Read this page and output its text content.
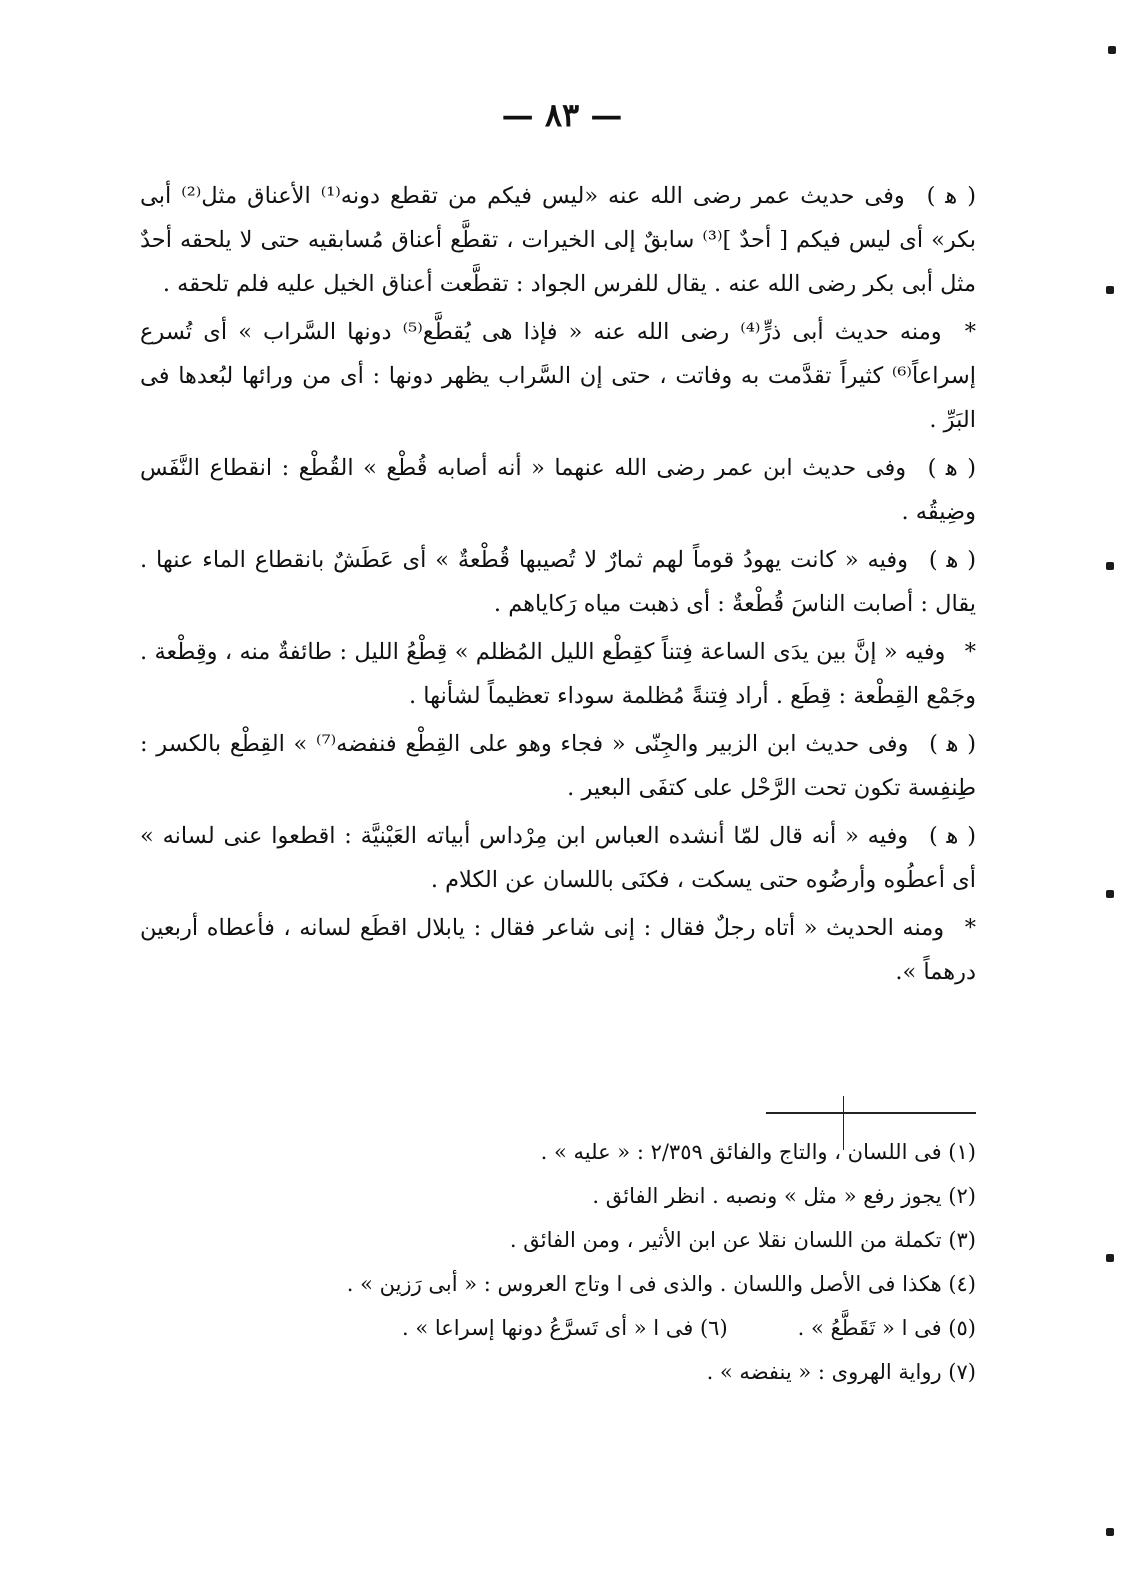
— ٨٣ —

( ﻫ ) وفى حديث عمر رضى الله عنه «ليس فيكم من تقطع دونه⁽¹⁾ الأعناق مثل⁽²⁾ أبى بكر» أى ليس فيكم [ أحدٌ ]⁽³⁾ سابقٌ إلى الخيرات ، تقطَّع أعناق مُسابقيه حتى لا يلحقه أحدٌ مثل أبى بكر رضى الله عنه . يقال للفرس الجواد : تقطَّعت أعناق الخيل عليه فلم تلحقه .

* ومنه حديث أبى ذرٍّ⁽⁴⁾ رضى الله عنه « فإذا هى يُقطَّع⁽⁵⁾ دونها السَّراب » أى تُسرع إسراعاً⁽⁶⁾ كثيراً تقدَّمت به وفاتت ، حتى إن السَّراب يظهر دونها : أى من ورائها لبُعدها فى البَرِّ .

( ﻫ ) وفى حديث ابن عمر رضى الله عنهما « أنه أصابه قُطْع » القُطْع : انقطاع النَّفَس وضِيقُه .

( ﻫ ) وفيه « كانت يهودُ قوماً لهم ثمارٌ لا تُصيبها قُطْعةٌ » أى عَطَشٌ بانقطاع الماء عنها . يقال : أصابت الناسَ قُطْعةٌ : أى ذهبت مياه رَكاياهم .

* وفيه « إنَّ بين يدَى الساعة فِتناً كقِطْع الليل المُظلم » قِطْعُ الليل : طائفةٌ منه ، وقِطْعة . وجَمْع القِطْعة : قِطَع . أراد فِتنةً مُظلمة سوداء تعظيماً لشأنها .

( ﻫ ) وفى حديث ابن الزبير والجِنّى « فجاء وهو على القِطْع فنفضه⁽⁷⁾ » القِطْع بالكسر : طِنفِسة تكون تحت الرَّحْل على كتفَى البعير .

( ﻫ ) وفيه « أنه قال لمّا أنشده العباس ابن مِرْداس أبياته العَيْنيَّة : اقطعوا عنى لسانه » أى أعطُوه وأرضُوه حتى يسكت ، فكنَى باللسان عن الكلام .

* ومنه الحديث « أتاه رجلٌ فقال : إنى شاعر فقال : يابلال اقطَع لسانه ، فأعطاه أربعين درهماً ».

(١) فى اللسان ، والتاج والفائق ٢/٣٥٩ : « عليه » .
(٢) يجوز رفع « مثل » ونصبه . انظر الفائق .
(٣) تكملة من اللسان نقلا عن ابن الأثير ، ومن الفائق .
(٤) هكذا فى الأصل واللسان . والذى فى ا وتاج العروس : « أبى رَزين » .
(٥) فى ا « تَقَطَّعُ » .(٦) فى ا « أى تَسرَّعُ دونها إسراعا » .
(٧) رواية الهروى : « ينفضه » .
